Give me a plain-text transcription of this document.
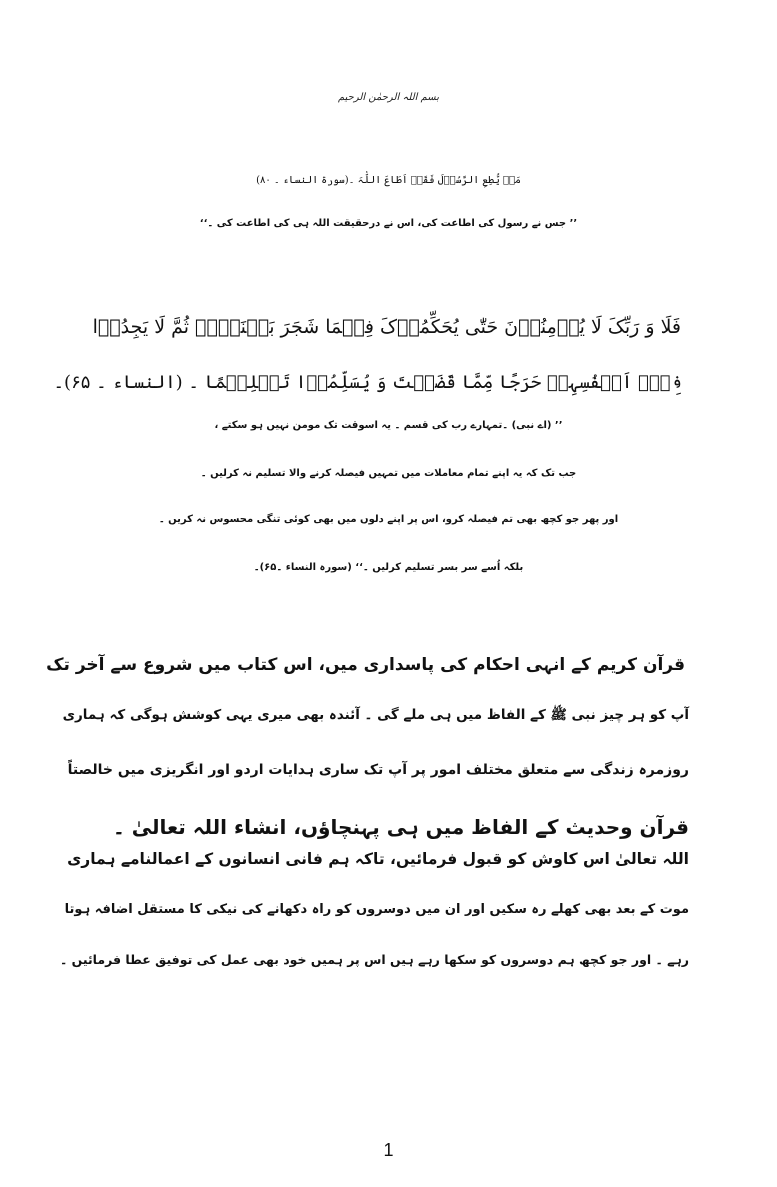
بسم اللہ الرحمٰن الرحیم
مَنۡ یُّطِعِ الرَّسُوۡلَ فَقَدۡ اَطَاعَ اللّٰہَ ۔(سورة النساء ۔ ۸۰)
’’ جس نے رسول کی اطاعت کی، اس نے درحقیقت اللہ ہی کی اطاعت کی ۔‘‘
فَلَا وَ رَبِّکَ لَا یُؤۡمِنُوۡنَ حَتّٰی یُحَکِّمُوۡکَ فِیۡمَا شَجَرَ بَیۡنَہُمۡ ثُمَّ لَا یَجِدُوۡا
فِیۡۤ اَنۡفُسِہِمۡ حَرَجًا مِّمَّا قَضَیۡتَ وَ یُسَلِّمُوۡا تَسۡلِیۡمًا ۔ (النساء ۔ ۶۵)۔
’’ (اے نبی) ۔تمہارے رب کی قسم ۔ یہ اسوقت تک مومن نہیں ہو سکتے ،
جب تک کہ یہ اپنے تمام معاملات میں تمہیں فیصلہ کرنے والا تسلیم نہ کرلیں ۔
اور پھر جو کچھ بھی تم فیصلہ کرو، اس پر اپنے دلوں میں بھی کوئی تنگی محسوس نہ کریں ۔
بلکہ اُسے سر بسر تسلیم کرلیں ۔‘‘ (سورہ النساء ۔۶۵)۔
قرآن کریم کے انہی احکام کی پاسداری میں، اس کتاب میں شروع سے آخر تک
آپ کو ہر چیز نبی ﷺ کے الفاظ میں ہی ملے گی ۔ آئندہ بھی میری یہی کوشش ہوگی کہ ہماری
روزمرہ زندگی سے متعلق مختلف امور پر آپ تک ساری ہدایات اردو اور انگریزی میں خالصتاً
قرآن وحدیث کے الفاظ میں ہی پہنچاؤں، انشاء اللہ تعالیٰ ۔
اللہ تعالیٰ اس کاوش کو قبول فرمائیں، تاکہ ہم فانی انسانوں کے اعمالنامے ہماری
موت کے بعد بھی کھلے رہ سکیں اور ان میں دوسروں کو راہ دکھانے کی نیکی کا مستقل اضافہ ہوتا
رہے ۔ اور جو کچھ ہم دوسروں کو سکھا رہے ہیں اس پر ہمیں خود بھی عمل کی توفیق عطا فرمائیں ۔
1
